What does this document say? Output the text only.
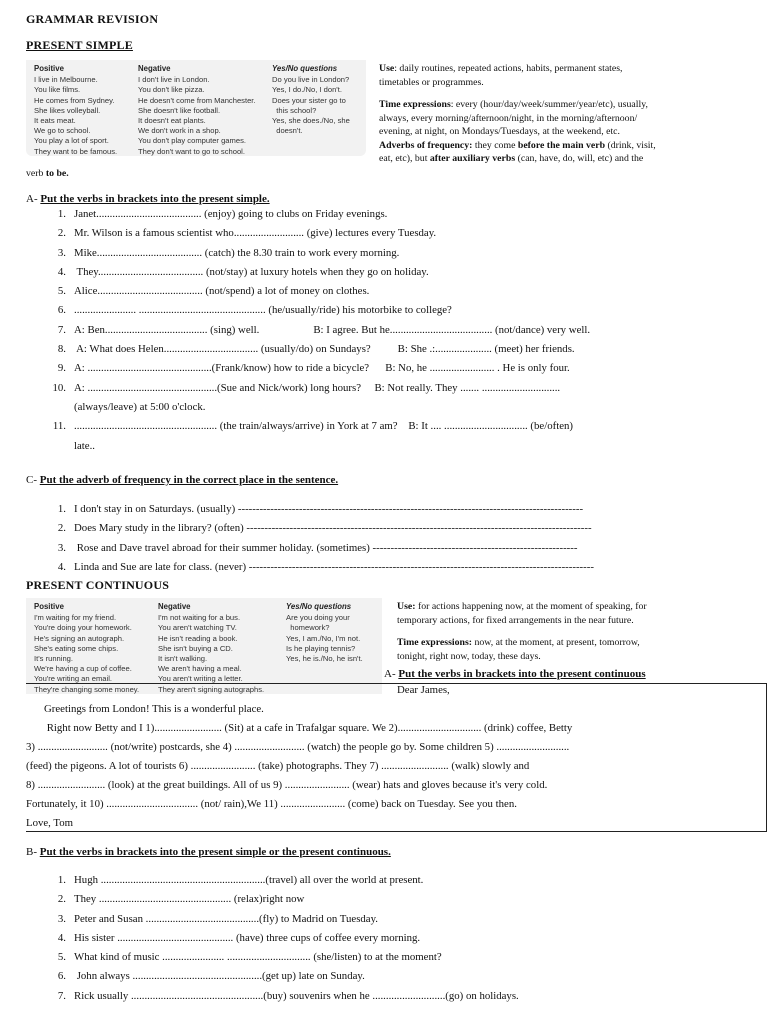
GRAMMAR REVISION
PRESENT SIMPLE
Positive
I live in Melbourne.
You like films.
He comes from Sydney.
She likes volleyball.
It eats meat.
We go to school.
You play a lot of sport.
They want to be famous.
Negative
I don't live in London.
You don't like pizza.
He doesn't come from Manchester.
She doesn't like football.
It doesn't eat plants.
We don't work in a shop.
You don't play computer games.
They don't want to go to school.
Yes/No questions
Do you live in London?
Yes, I do./No, I don't.
Does your sister go to
this school?
Yes, she does./No, she
doesn't.
Use: daily routines, repeated actions, habits, permanent states,
timetables or programmes.
Time expressions: every (hour/day/week/summer/year/etc), usually,
always, every morning/afternoon/night, in the morning/afternoon/
evening, at night, on Mondays/Tuesdays, at the weekend, etc.
Adverbs of frequency: they come before the main verb (drink, visit,
eat, etc), but after auxiliary verbs (can, have, do, will, etc) and the
verb to be.
A- Put the verbs in brackets into the present simple.
1. Janet....................................... (enjoy) going to clubs on Friday evenings.
2. Mr. Wilson is a famous scientist who.......................... (give) lectures every Tuesday.
3. Mike....................................... (catch) the 8.30 train to work every morning.
4. They....................................... (not/stay) at luxury hotels when they go on holiday.
5. Alice....................................... (not/spend) a lot of money on clothes.
6. ....................... ............................................... (he/usually/ride) his motorbike to college?
7. A: Ben...................................... (sing) well.                    B: I agree. But he...................................... (not/dance) very well.
8. A: What does Helen................................... (usually/do) on Sundays?          B: She .:..................... (meet) her friends.
9. A: ..............................................(Frank/know) how to ride a bicycle?      B: No, he ........................ . He is only four.
10. A: ................................................(Sue and Nick/work) long hours?     B: Not really. They ....... .............................
(always/leave) at 5:00 o'clock.
11. ..................................................... (the train/always/arrive) in York at 7 am?    B: It .... ............................... (be/often)
late..
C- Put the adverb of frequency in the correct place in the sentence.
1. I don't stay in on Saturdays. (usually) ------------------------------------------------------------------------------------------------
2. Does Mary study in the library? (often) ------------------------------------------------------------------------------------------------
3. Rose and Dave travel abroad for their summer holiday. (sometimes) ---------------------------------------------------------
4. Linda and Sue are late for class. (never) ------------------------------------------------------------------------------------------------
PRESENT CONTINUOUS
Positive
I'm waiting for my friend.
You're doing your homework.
He's signing an autograph.
She's eating some chips.
It's running.
We're having a cup of coffee.
You're writing an email.
They're changing some money.
Negative
I'm not waiting for a bus.
You aren't watching TV.
He isn't reading a book.
She isn't buying a CD.
It isn't walking.
We aren't having a meal.
You aren't writing a letter.
They aren't signing autographs.
Yes/No questions
Are you doing your
homework?
Yes, I am./No, I'm not.
Is he playing tennis?
Yes, he is./No, he isn't.
Use: for actions happening now, at the moment of speaking, for
temporary actions, for fixed arrangements in the near future.
Time expressions: now, at the moment, at present, tomorrow,
tonight, right now, today, these days.
A- Put the verbs in brackets into the present continuous
Dear James,
Greetings from London! This is a wonderful place.
Right now Betty and I 1)......................... (Sit) at a cafe in Trafalgar square. We 2)............................... (drink) coffee, Betty
3) .......................... (not/write) postcards, she 4) .......................... (watch) the people go by. Some children 5) ...........................
(feed) the pigeons. A lot of tourists 6) ........................ (take) photographs. They 7) ......................... (walk) slowly and
8) ......................... (look) at the great buildings. All of us 9) ........................ (wear) hats and gloves because it's very cold.
Fortunately, it 10) .................................. (not/ rain),We 11) ........................ (come) back on Tuesday. See you then.
Love, Tom
B- Put the verbs in brackets into the present simple or the present continuous.
1. Hugh .............................................................(travel) all over the world at present.
2. They ................................................. (relax)right now
3. Peter and Susan ..........................................(fly) to Madrid on Tuesday.
4. His sister ........................................... (have) three cups of coffee every morning.
5. What kind of music ....................... ............................... (she/listen) to at the moment?
6. John always ................................................(get up) late on Sunday.
7. Rick usually .................................................(buy) souvenirs when he ...........................(go) on holidays.
